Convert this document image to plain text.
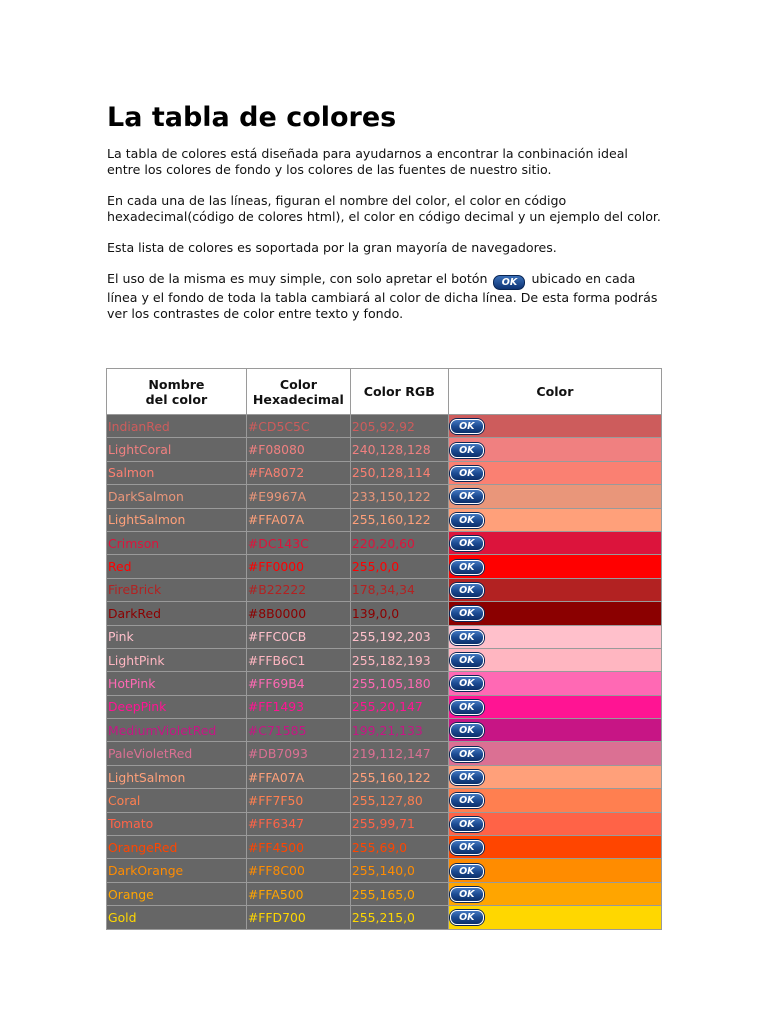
La tabla de colores

La tabla de colores está diseñada para ayudarnos a encontrar la conbinación ideal entre los colores de fondo y los colores de las fuentes de nuestro sitio.

En cada una de las líneas, figuran el nombre del color, el color en código hexadecimal(código de colores html), el color en código decimal y un ejemplo del color.

Esta lista de colores es soportada por la gran mayoría de navegadores.

El uso de la misma es muy simple, con solo apretar el botón OK ubicado en cada línea y el fondo de toda la tabla cambiará al color de dicha línea. De esta forma podrás ver los contrastes de color entre texto y fondo.

Nombre del color	Color Hexadecimal	Color RGB	Color
IndianRed	#CD5C5C	205,92,92	OK
LightCoral	#F08080	240,128,128	OK
Salmon	#FA8072	250,128,114	OK
DarkSalmon	#E9967A	233,150,122	OK
LightSalmon	#FFA07A	255,160,122	OK
Crimson	#DC143C	220,20,60	OK
Red	#FF0000	255,0,0	OK
FireBrick	#B22222	178,34,34	OK
DarkRed	#8B0000	139,0,0	OK
Pink	#FFC0CB	255,192,203	OK
LightPink	#FFB6C1	255,182,193	OK
HotPink	#FF69B4	255,105,180	OK
DeepPink	#FF1493	255,20,147	OK
MediumVioletRed	#C71585	199,21,133	OK
PaleVioletRed	#DB7093	219,112,147	OK
LightSalmon	#FFA07A	255,160,122	OK
Coral	#FF7F50	255,127,80	OK
Tomato	#FF6347	255,99,71	OK
OrangeRed	#FF4500	255,69,0	OK
DarkOrange	#FF8C00	255,140,0	OK
Orange	#FFA500	255,165,0	OK
Gold	#FFD700	255,215,0	OK
